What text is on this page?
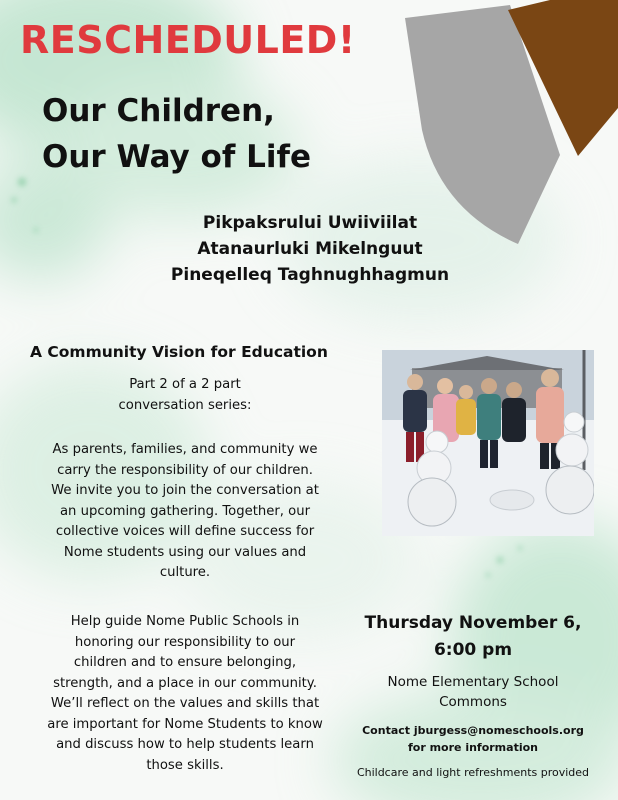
RESCHEDULED!
Our Children,
Our Way of Life
Pikpaksrului Uwiiviilat
Atanaurluki Mikelnguut
Pineqelleq Taghnughhagmun
A Community Vision for Education
Part 2 of a 2 part
conversation series:
As parents, families, and community we
carry the responsibility of our children.
We invite you to join the conversation at
an upcoming gathering. Together, our
collective voices will define success for
Nome students using our values and
culture.
Help guide Nome Public Schools in
honoring our responsibility to our
children and to ensure belonging,
strength, and a place in our community.
We’ll reflect on the values and skills that
are important for Nome Students to know
and discuss how to help students learn
those skills.
Thursday November 6,
6:00 pm
Nome Elementary School
Commons
Contact jburgess@nomeschools.org
for more information

Childcare and light refreshments provided
